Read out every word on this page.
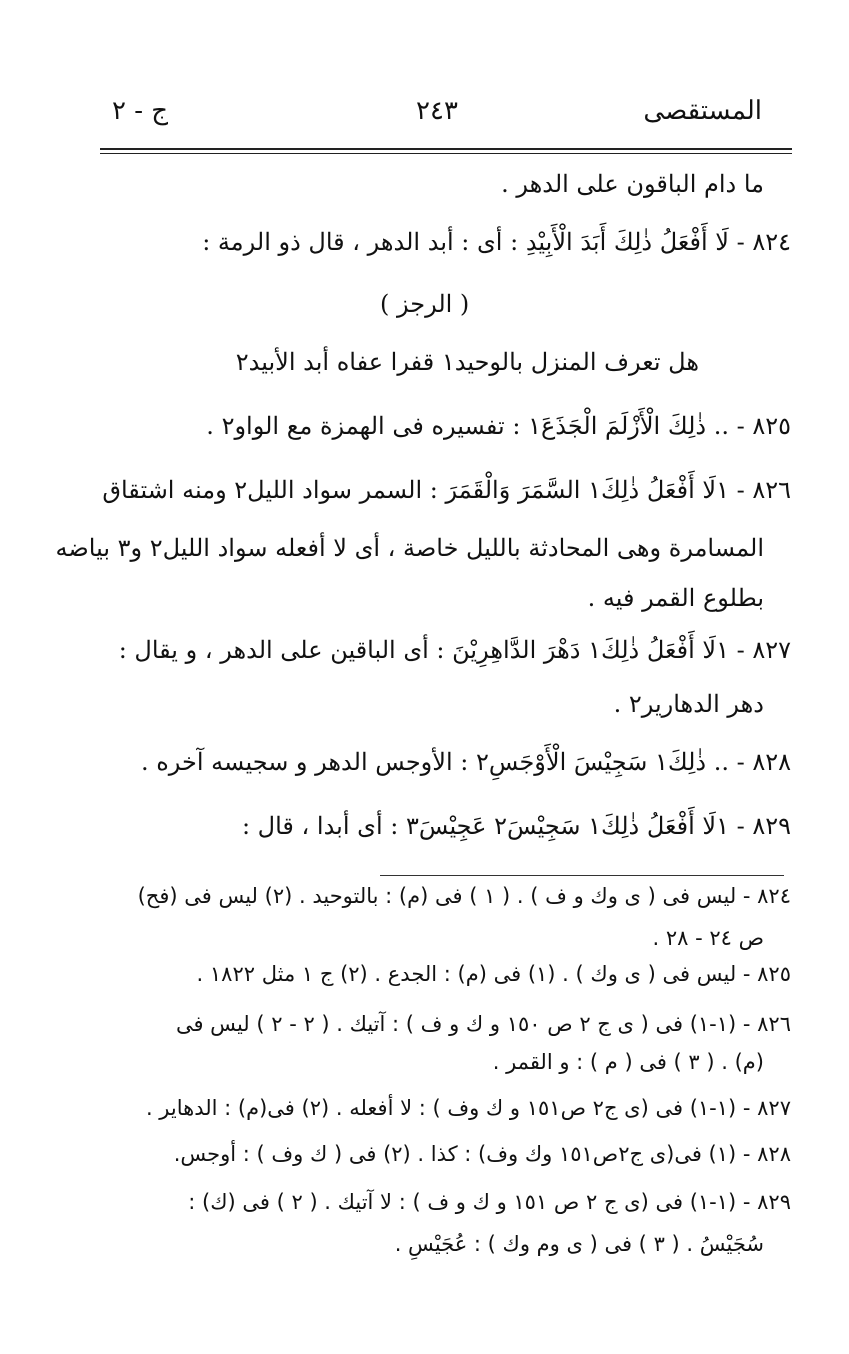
ج - ٢	٢٤٣	المستقصى
ما دام الباقون على الدهر .
٨٢٤ - لَا أَفْعَلُ ذٰلِكَ أَبَدَ الْأَبِيْدِ : أى : أبد الدهر ، قال ذو الرمة :
( الرجز )
هل تعرف المنزل بالوحيد١ قفرا عفاه أبد الأبيد٢
٨٢٥ - .. ذٰلِكَ الْأَزْلَمَ الْجَذَعَ١ : تفسيره فى الهمزة مع الواو٢ .
٨٢٦ - ١لَا أَفْعَلُ ذٰلِكَ١ السَّمَرَ وَالْقَمَرَ : السمر سواد الليل٢ ومنه اشتقاق
المسامرة وهى المحادثة بالليل خاصة ، أى لا أفعله سواد الليل٢ و٣ بياضه
بطلوع القمر فيه .
٨٢٧ - ١لَا أَفْعَلُ ذٰلِكَ١ دَهْرَ الدَّاهِرِيْنَ : أى الباقين على الدهر ، و يقال :
دهر الدهارير٢ .
٨٢٨ - .. ذٰلِكَ١ سَجِيْسَ الْأَوْجَسِ٢ : الأوجس الدهر و سجيسه آخره .
٨٢٩ - ١لَا أَفْعَلُ ذٰلِكَ١ سَجِيْسَ٢ عَجِيْسَ٣ : أى أبدا ، قال :
٨٢٤ - ليس فى ( ى وك و ف ) . ( ١ ) فى (م) : بالتوحيد . (٢) ليس فى (فح)
ص ٢٤ - ٢٨ .
٨٢٥ - ليس فى ( ى وك ) . (١) فى (م) : الجدع . (٢) ج ١ مثل ١٨٢٢ .
٨٢٦ - (١-١) فى ( ى ج ٢ ص ١٥٠ و ك و ف ) : آتيك . ( ٢ - ٢ ) ليس فى
(م) . ( ٣ ) فى ( م ) : و القمر .
٨٢٧ - (١-١) فى (ى ج٢ ص١٥١ و ك وف ) : لا أفعله . (٢) فى(م) : الدهاير .
٨٢٨ - (١) فى(ى ج٢ص١٥١ وك وف) : كذا . (٢) فى ( ك وف ) : أوجس.
٨٢٩ - (١-١) فى (ى ج ٢ ص ١٥١ و ك و ف ) : لا آتيك . ( ٢ ) فى (ك) :
سُجَيْسُ . ( ٣ ) فى ( ى وم وك ) : عُجَيْسِ .
